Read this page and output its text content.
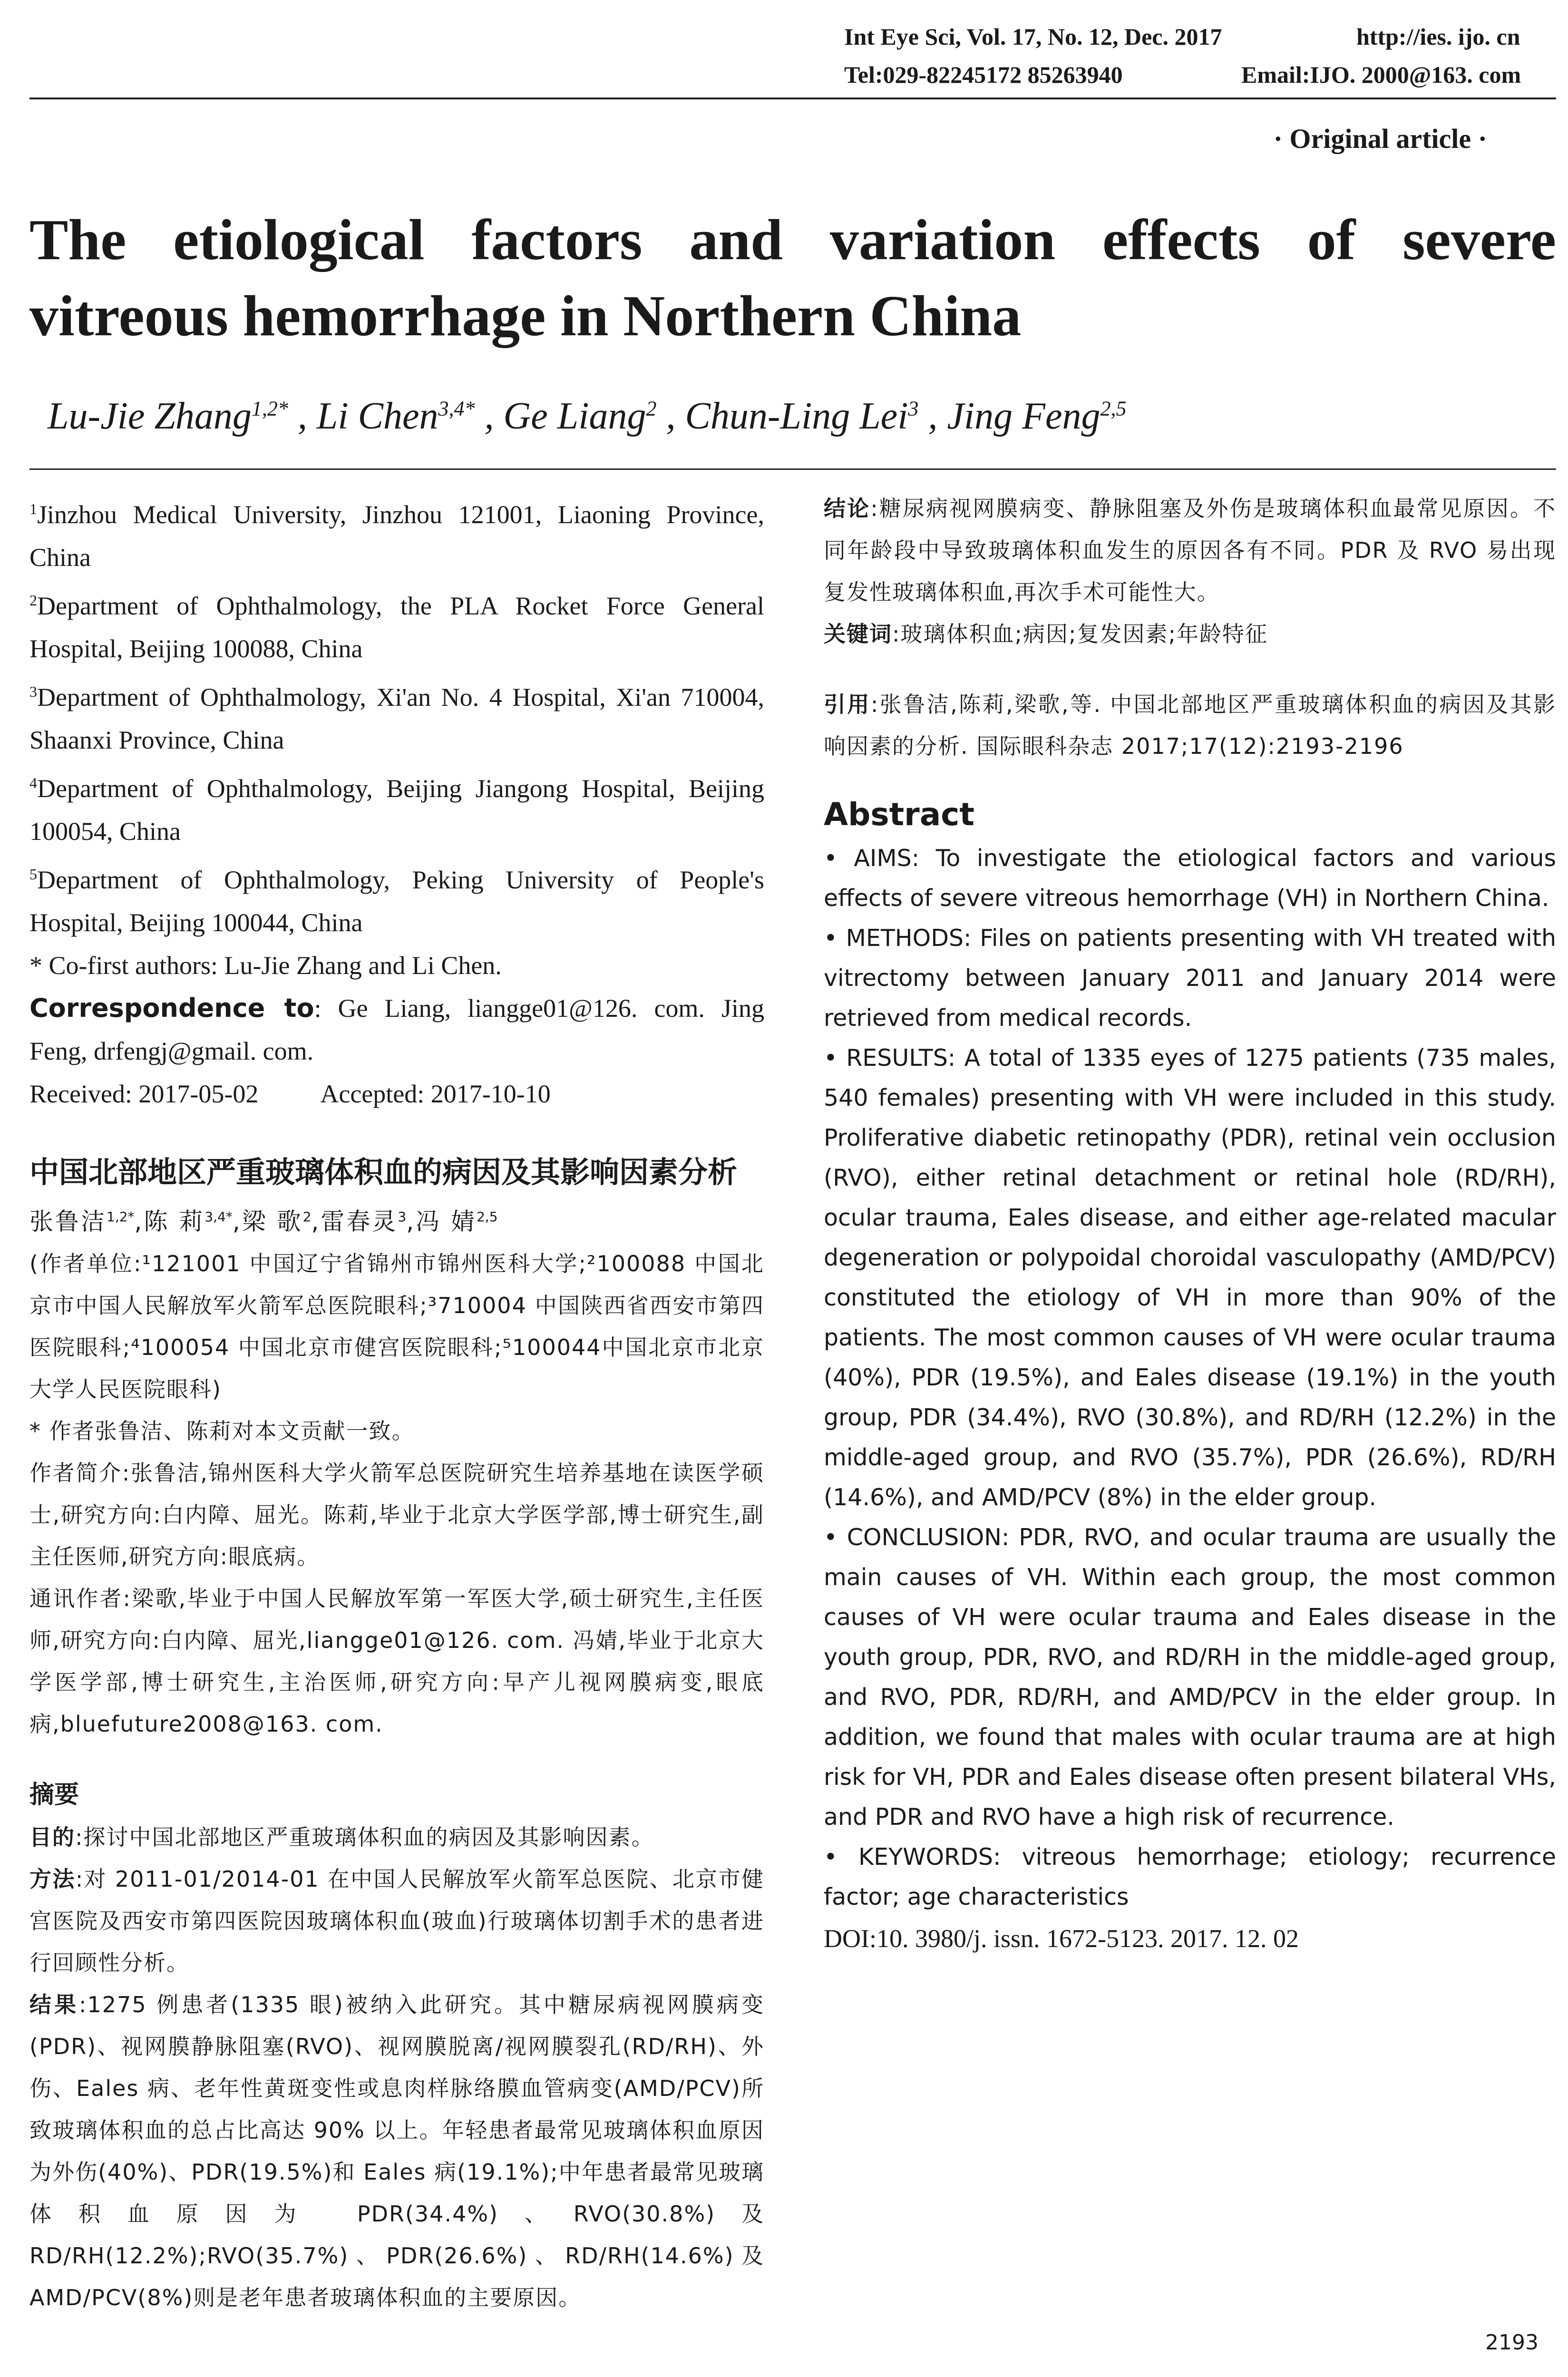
Int Eye Sci, Vol. 17, No. 12, Dec. 2017	http://ies. ijo. cn
Tel:029-82245172 85263940	Email:IJO. 2000@163. com
· Original article ·
The etiological factors and variation effects of severe
vitreous hemorrhage in Northern China
Lu-Jie Zhang$^{1,2*}$ , Li Chen$^{3,4*}$ , Ge Liang$^2$ , Chun-Ling Lei$^3$ , Jing Feng$^{2,5}$

$^1$Jinzhou Medical University, Jinzhou 121001, Liaoning Province, China

$^2$Department of Ophthalmology, the PLA Rocket Force General Hospital, Beijing 100088, China

$^3$Department of Ophthalmology, Xi'an No. 4 Hospital, Xi'an 710004, Shaanxi Province, China

$^4$Department of Ophthalmology, Beijing Jiangong Hospital, Beijing 100054, China

$^5$Department of Ophthalmology, Peking University of People's Hospital, Beijing 100044, China

* Co-first authors: Lu-Jie Zhang and Li Chen.

Correspondence to: Ge Liang, liangge01@126. com. Jing Feng, drfengj@gmail. com.

Received: 2017-05-02 Accepted: 2017-10-10

中国北部地区严重玻璃体积血的病因及其影响因素分析

张鲁洁$^{1,2*}$,陈 莉$^{3,4*}$,梁 歌$^2$,雷春灵$^3$,冯 婧$^{2,5}$

(作者单位:¹121001 中国辽宁省锦州市锦州医科大学;²100088 中国北京市中国人民解放军火箭军总医院眼科;³710004 中国陕西省西安市第四医院眼科;⁴100054 中国北京市健宫医院眼科;⁵100044中国北京市北京大学人民医院眼科)

* 作者张鲁洁、陈莉对本文贡献一致。

作者简介:张鲁洁,锦州医科大学火箭军总医院研究生培养基地在读医学硕士,研究方向:白内障、屈光。陈莉,毕业于北京大学医学部,博士研究生,副主任医师,研究方向:眼底病。

通讯作者:梁歌,毕业于中国人民解放军第一军医大学,硕士研究生,主任医师,研究方向:白内障、屈光,liangge01@126. com. 冯婧,毕业于北京大学医学部,博士研究生,主治医师,研究方向:早产儿视网膜病变,眼底病,bluefuture2008@163. com.

摘要

目的:探讨中国北部地区严重玻璃体积血的病因及其影响因素。

方法:对 2011-01/2014-01 在中国人民解放军火箭军总医院、北京市健宫医院及西安市第四医院因玻璃体积血(玻血)行玻璃体切割手术的患者进行回顾性分析。

结果:1275 例患者(1335 眼)被纳入此研究。其中糖尿病视网膜病变(PDR)、视网膜静脉阻塞(RVO)、视网膜脱离/视网膜裂孔(RD/RH)、外伤、Eales 病、老年性黄斑变性或息肉样脉络膜血管病变(AMD/PCV)所致玻璃体积血的总占比高达 90% 以上。年轻患者最常见玻璃体积血原因为外伤(40%)、PDR(19.5%)和 Eales 病(19.1%);中年患者最常见玻璃体积血原因为 PDR(34.4%)、RVO(30.8%)及 RD/RH(12.2%);RVO(35.7%)、PDR(26.6%)、RD/RH(14.6%)及 AMD/PCV(8%)则是老年患者玻璃体积血的主要原因。

结论:糖尿病视网膜病变、静脉阻塞及外伤是玻璃体积血最常见原因。不同年龄段中导致玻璃体积血发生的原因各有不同。PDR 及 RVO 易出现复发性玻璃体积血,再次手术可能性大。

关键词:玻璃体积血;病因;复发因素;年龄特征

引用:张鲁洁,陈莉,梁歌,等. 中国北部地区严重玻璃体积血的病因及其影响因素的分析. 国际眼科杂志 2017;17(12):2193-2196

Abstract

• AIMS: To investigate the etiological factors and various effects of severe vitreous hemorrhage (VH) in Northern China.

• METHODS: Files on patients presenting with VH treated with vitrectomy between January 2011 and January 2014 were retrieved from medical records.

• RESULTS: A total of 1335 eyes of 1275 patients (735 males, 540 females) presenting with VH were included in this study. Proliferative diabetic retinopathy (PDR), retinal vein occlusion (RVO), either retinal detachment or retinal hole (RD/RH), ocular trauma, Eales disease, and either age-related macular degeneration or polypoidal choroidal vasculopathy (AMD/PCV) constituted the etiology of VH in more than 90% of the patients. The most common causes of VH were ocular trauma (40%), PDR (19.5%), and Eales disease (19.1%) in the youth group, PDR (34.4%), RVO (30.8%), and RD/RH (12.2%) in the middle-aged group, and RVO (35.7%), PDR (26.6%), RD/RH (14.6%), and AMD/PCV (8%) in the elder group.

• CONCLUSION: PDR, RVO, and ocular trauma are usually the main causes of VH. Within each group, the most common causes of VH were ocular trauma and Eales disease in the youth group, PDR, RVO, and RD/RH in the middle-aged group, and RVO, PDR, RD/RH, and AMD/PCV in the elder group. In addition, we found that males with ocular trauma are at high risk for VH, PDR and Eales disease often present bilateral VHs, and PDR and RVO have a high risk of recurrence.

• KEYWORDS: vitreous hemorrhage; etiology; recurrence factor; age characteristics

DOI:10. 3980/j. issn. 1672-5123. 2017. 12. 02

2193
